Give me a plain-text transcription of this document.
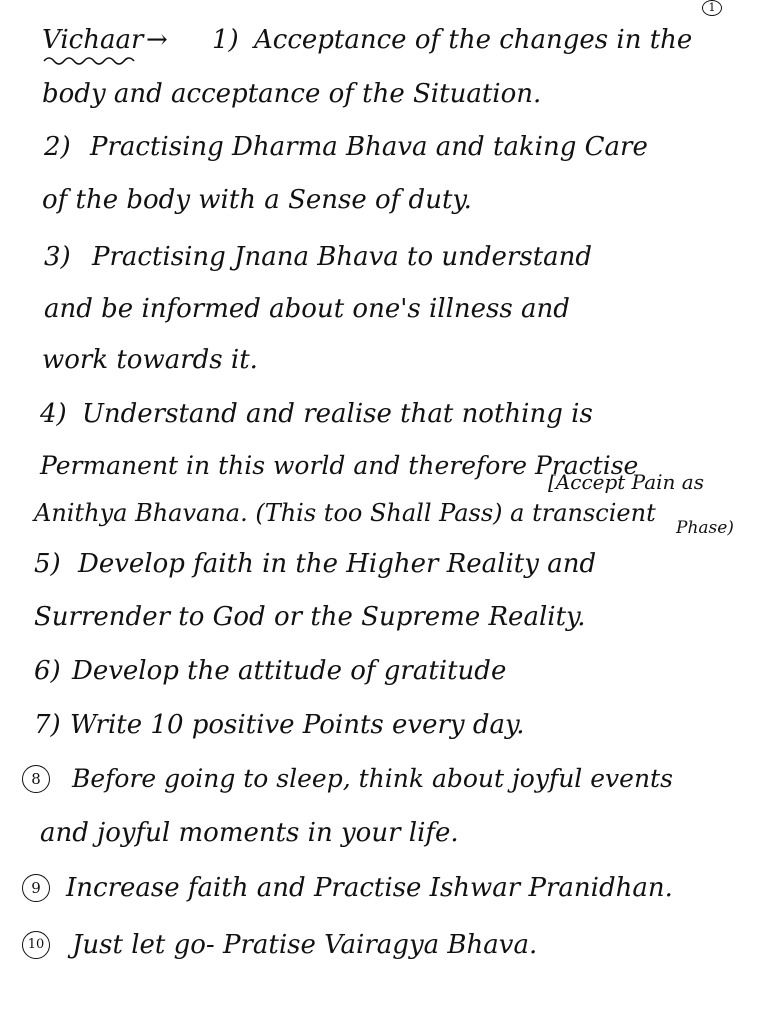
1
Vichaar → 1) Acceptance of the changes in the
body and acceptance of the Situation.
2) Practising Dharma Bhava and taking Care
of the body with a Sense of duty.
3) Practising Jnana Bhava to understand
and be informed about one's illness and
work towards it.
4) Understand and realise that nothing is
Permanent in this world and therefore Practise
[Accept Pain as
Anithya Bhavana. (This too Shall Pass) a transcient
Phase)
5) Develop faith in the Higher Reality and
Surrender to God or the Supreme Reality.
6) Develop the attitude of gratitude
7) Write 10 positive Points every day.
8	Before going to sleep, think about joyful events
and joyful moments in your life.
9 Increase faith and Practise Ishwar Pranidhan.
10 Just let go- Pratise Vairagya Bhava.
